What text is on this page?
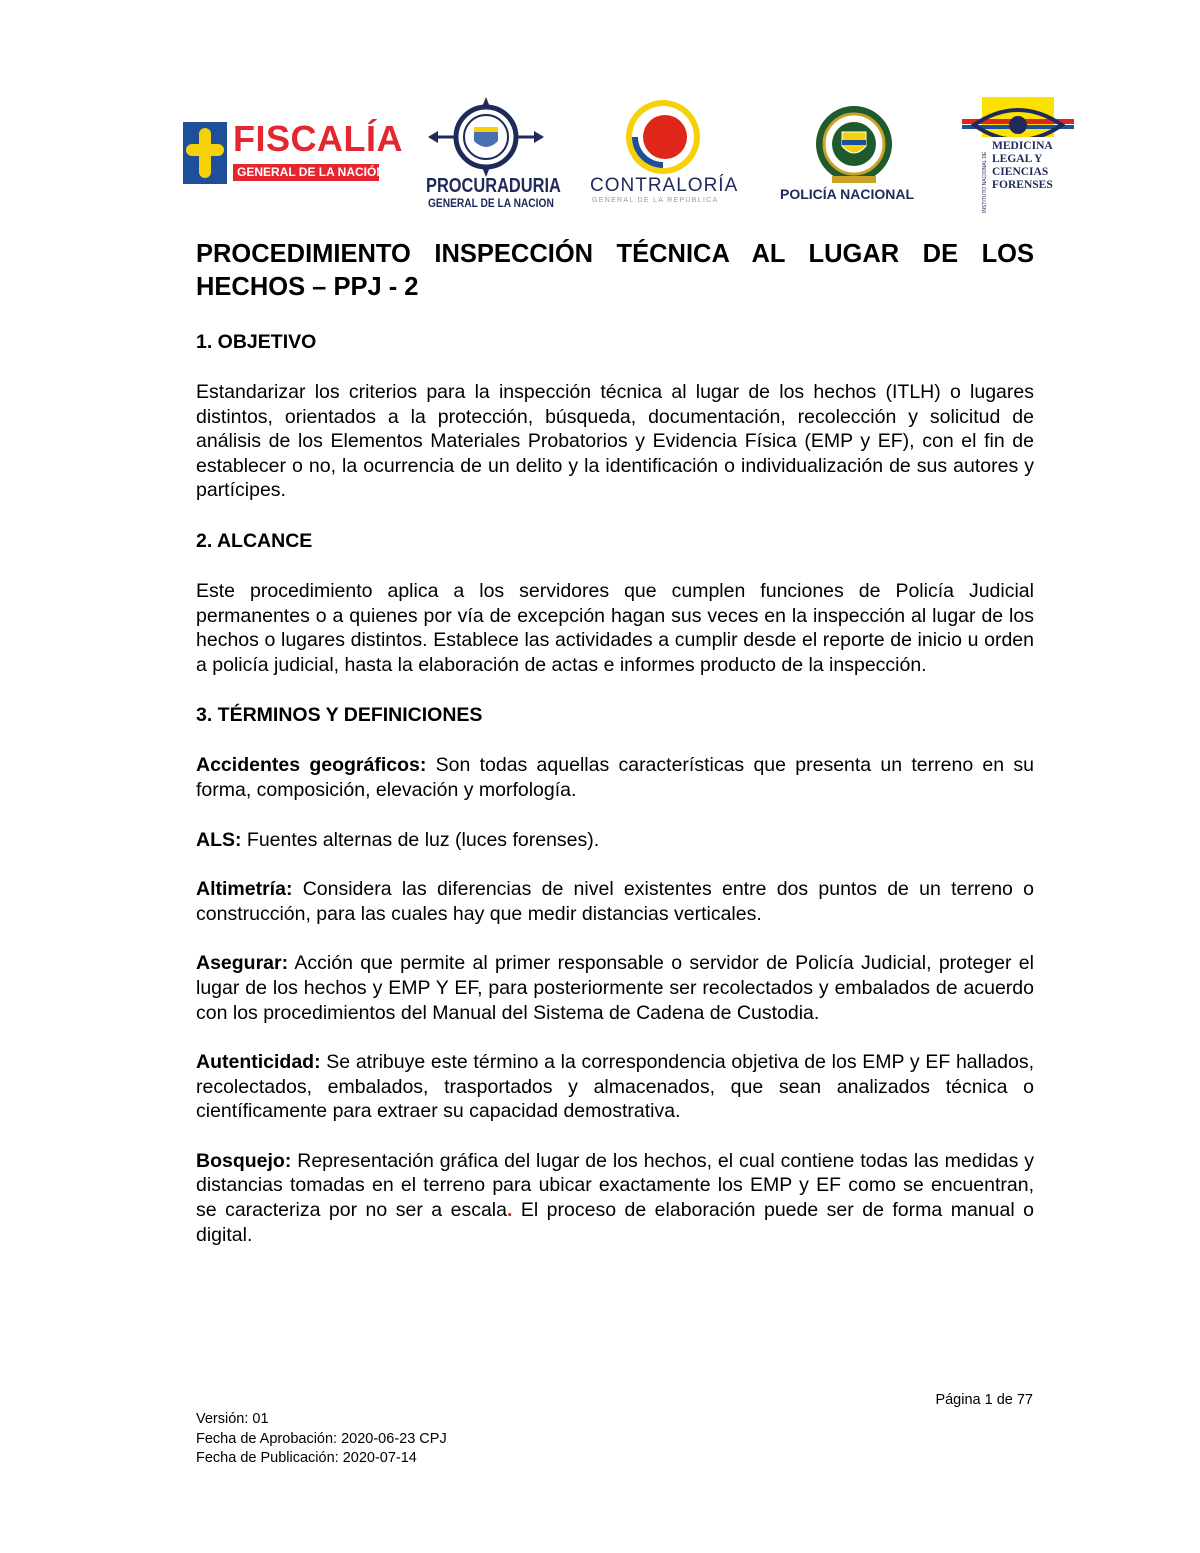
FISCALÍA
GENERAL DE LA NACIÓN
PROCURADURIA
GENERAL DE LA NACION
CONTRALORÍA
GENERAL DE LA REPÚBLICA	POLICÍA NACIONAL	INSTITUTO NACIONAL DE
MEDICINA
LEGAL Y
CIENCIAS
FORENSES
PROCEDIMIENTO INSPECCIÓN TÉCNICA AL LUGAR DE LOS HECHOS – PPJ - 2
1. OBJETIVO

Estandarizar los criterios para la inspección técnica al lugar de los hechos (ITLH) o lugares distintos, orientados a la protección, búsqueda, documentación, recolección y solicitud de análisis de los Elementos Materiales Probatorios y Evidencia Física (EMP y EF), con el fin de establecer o no, la ocurrencia de un delito y la identificación o individualización de sus autores y partícipes.

2. ALCANCE

Este procedimiento aplica a los servidores que cumplen funciones de Policía Judicial permanentes o a quienes por vía de excepción hagan sus veces en la inspección al lugar de los hechos o lugares distintos. Establece las actividades a cumplir desde el reporte de inicio u orden a policía judicial, hasta la elaboración de actas e informes producto de la inspección.

3. TÉRMINOS Y DEFINICIONES

Accidentes geográficos: Son todas aquellas características que presenta un terreno en su forma, composición, elevación y morfología.

ALS: Fuentes alternas de luz (luces forenses).

Altimetría: Considera las diferencias de nivel existentes entre dos puntos de un terreno o construcción, para las cuales hay que medir distancias verticales.

Asegurar: Acción que permite al primer responsable o servidor de Policía Judicial, proteger el lugar de los hechos y EMP Y EF, para posteriormente ser recolectados y embalados de acuerdo con los procedimientos del Manual del Sistema de Cadena de Custodia.

Autenticidad: Se atribuye este término a la correspondencia objetiva de los EMP y EF hallados, recolectados, embalados, trasportados y almacenados, que sean analizados técnica o científicamente para extraer su capacidad demostrativa.

Bosquejo: Representación gráfica del lugar de los hechos, el cual contiene todas las medidas y distancias tomadas en el terreno para ubicar exactamente los EMP y EF como se encuentran, se caracteriza por no ser a escala. El proceso de elaboración puede ser de forma manual o digital.

Página 1 de 77
Versión: 01
Fecha de Aprobación: 2020-06-23 CPJ
Fecha de Publicación: 2020-07-14
